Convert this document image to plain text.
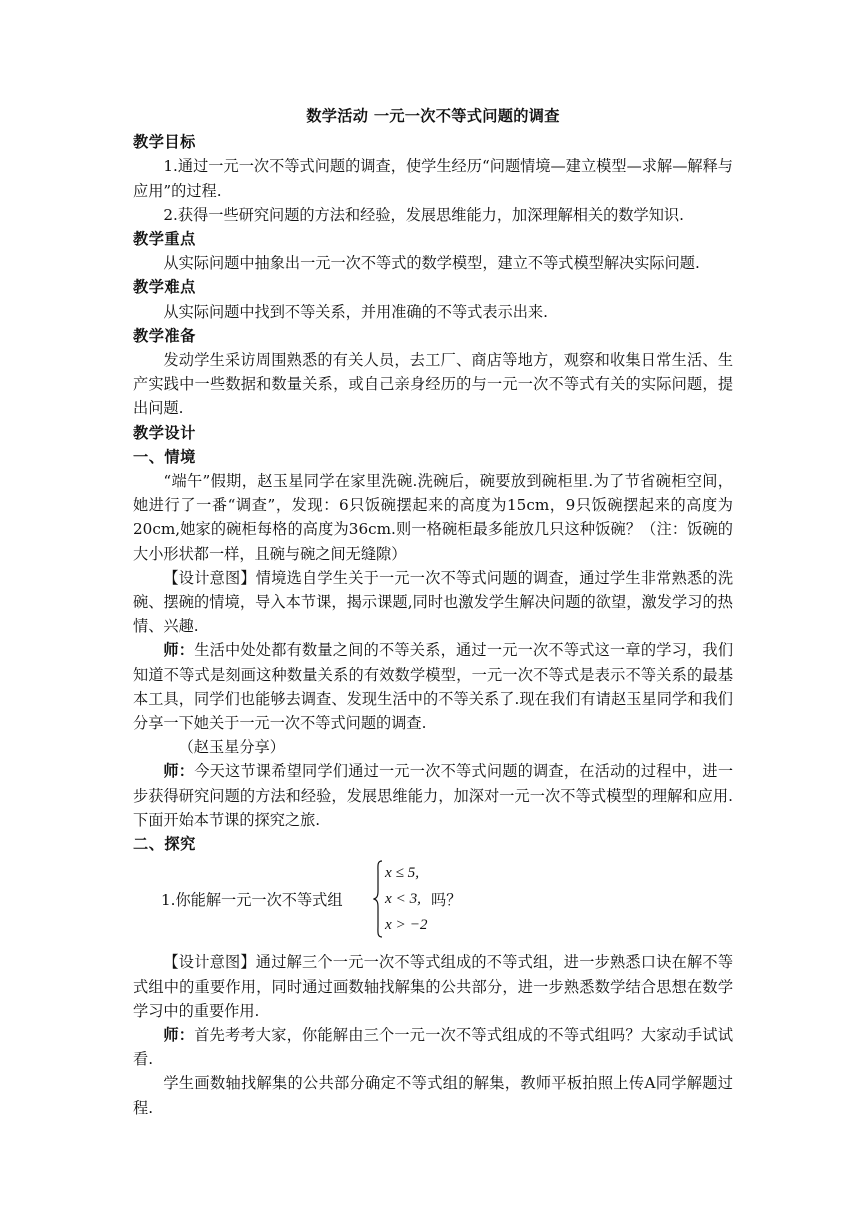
数学活动 一元一次不等式问题的调查

教学目标

1.通过一元一次不等式问题的调查，使学生经历“问题情境—建立模型—求解—解释与应用”的过程.

2.获得一些研究问题的方法和经验，发展思维能力，加深理解相关的数学知识.

教学重点

从实际问题中抽象出一元一次不等式的数学模型，建立不等式模型解决实际问题.

教学难点

从实际问题中找到不等关系，并用准确的不等式表示出来.

教学准备

发动学生采访周围熟悉的有关人员，去工厂、商店等地方，观察和收集日常生活、生产实践中一些数据和数量关系，或自己亲身经历的与一元一次不等式有关的实际问题，提出问题.

教学设计

一、情境

“端午”假期，赵玉星同学在家里洗碗.洗碗后，碗要放到碗柜里.为了节省碗柜空间，她进行了一番“调查”，发现：6只饭碗摆起来的高度为15cm，9只饭碗摆起来的高度为20cm,她家的碗柜每格的高度为36cm.则一格碗柜最多能放几只这种饭碗？（注：饭碗的大小形状都一样，且碗与碗之间无缝隙）

【设计意图】情境选自学生关于一元一次不等式问题的调查，通过学生非常熟悉的洗碗、摆碗的情境，导入本节课，揭示课题,同时也激发学生解决问题的欲望，激发学习的热情、兴趣.

师：生活中处处都有数量之间的不等关系，通过一元一次不等式这一章的学习，我们知道不等式是刻画这种数量关系的有效数学模型，一元一次不等式是表示不等关系的最基本工具，同学们也能够去调查、发现生活中的不等关系了.现在我们有请赵玉星同学和我们分享一下她关于一元一次不等式问题的调查.

（赵玉星分享）

师：今天这节课希望同学们通过一元一次不等式问题的调查，在活动的过程中，进一步获得研究问题的方法和经验，发展思维能力，加深对一元一次不等式模型的理解和应用.下面开始本节课的探究之旅.

二、探究

1.你能解一元一次不等式组
x ≤ 5,
x < 3,
x > −2
吗？

【设计意图】通过解三个一元一次不等式组成的不等式组，进一步熟悉口诀在解不等式组中的重要作用，同时通过画数轴找解集的公共部分，进一步熟悉数学结合思想在数学学习中的重要作用.

师：首先考考大家，你能解由三个一元一次不等式组成的不等式组吗？大家动手试试看.

学生画数轴找解集的公共部分确定不等式组的解集，教师平板拍照上传A同学解题过程.
